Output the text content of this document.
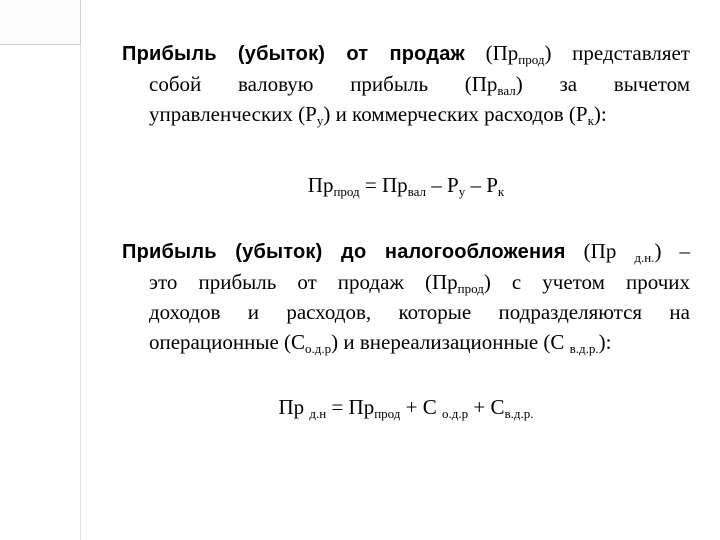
Прибыль (убыток) от продаж $(Пр_{прод})$ представляет
собой валовую прибыль $(Пр_{вал})$ за вычетом
управленческих $(Р_у)$ и коммерческих расходов $(Р_к)$:
$Пр_{прод} = Пр_{вал} - Р_у - Р_к$
Прибыль (убыток) до налогообложения (Пр $_{д.н.}$) –
это прибыль от продаж $(Пр_{прод})$ с учетом прочих
доходов и расходов, которые подразделяются на
операционные $(С_{о.д.р})$ и внереализационные (С $_{в.д.р.}$):
Пр $_{д.н} = Пр_{прод} + С$ $_{о.д.р} + С_{в.д.р.}$
